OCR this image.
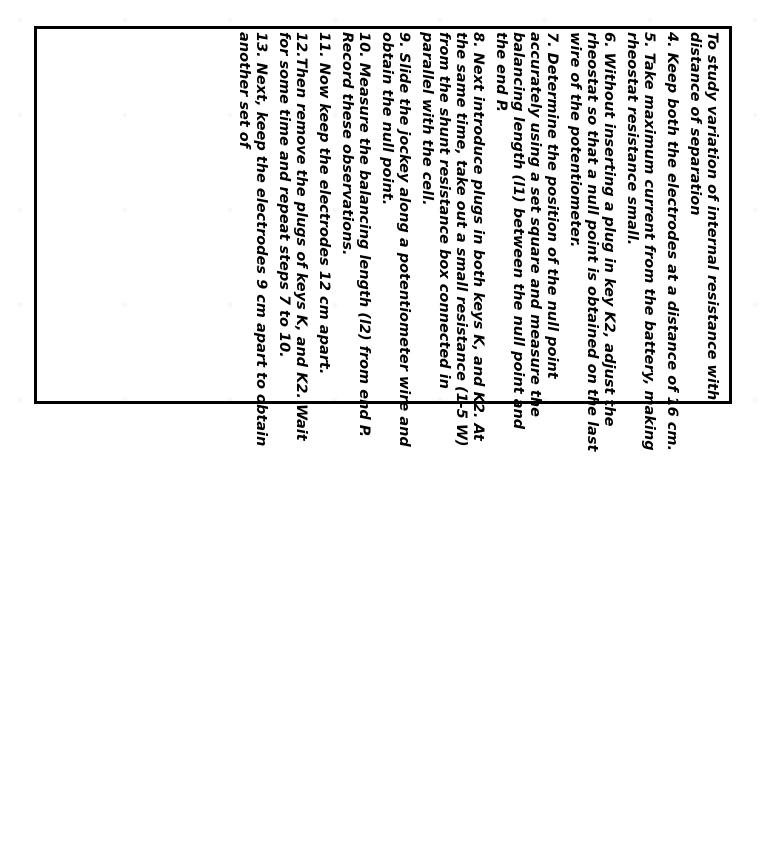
To study variation of internal resistance with distance of separation

4. Keep both the electrodes at a distance of 16 cm.

5. Take maximum current from the battery, making rheostat resistance small.

6. Without inserting a plug in key K2, adjust the rheostat so that a null point is obtained on the last wire of the potentiometer.

7. Determine the position of the null point accurately using a set square and measure the balancing length (l1) between the null point and the end P.

8. Next introduce plugs in both keys K, and K2. At the same time, take out a small resistance (1-5 W) from the shunt resistance box connected in parallel with the cell.

9. Slide the jockey along a potentiometer wire and obtain the null point.

10. Measure the balancing length (l2) from end P. Record these observations.

11. Now keep the electrodes 12 cm apart.

12.Then remove the plugs of keys K, and K2. Wait for some time and repeat steps 7 to 10.

13. Next, keep the electrodes 9 cm apart to obtain another set of
